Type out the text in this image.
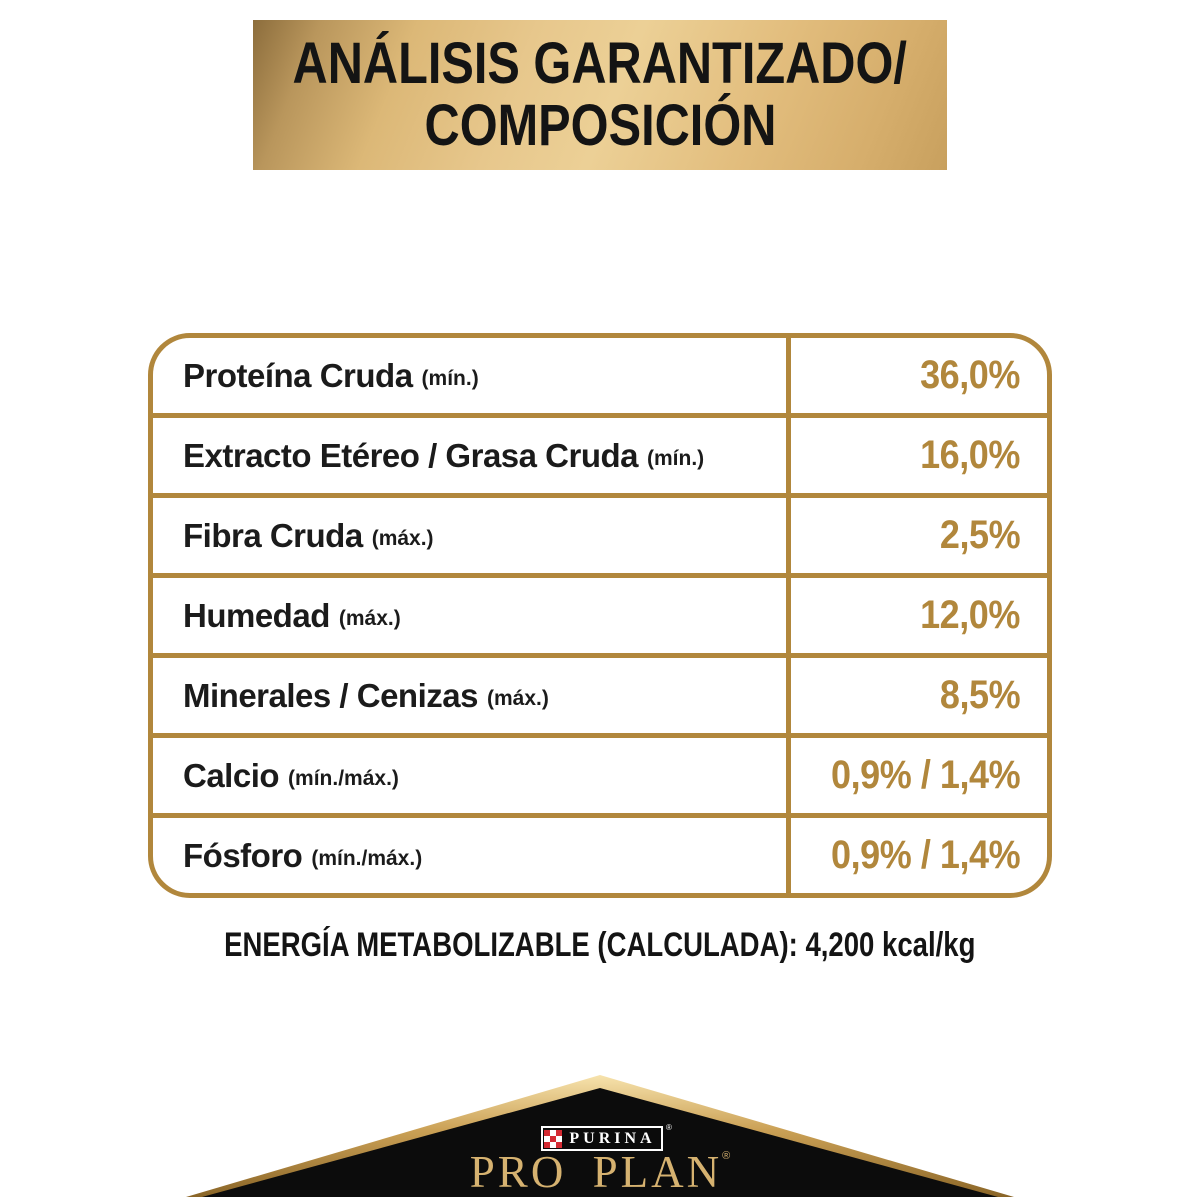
ANÁLISIS GARANTIZADO/
COMPOSICIÓN
Proteína Cruda (mín.)	36,0%
Extracto Etéreo / Grasa Cruda (mín.)	16,0%
Fibra Cruda (máx.)	2,5%
Humedad (máx.)	12,0%
Minerales / Cenizas (máx.)	8,5%
Calcio (mín./máx.)	0,9% / 1,4%
Fósforo (mín./máx.)	0,9% / 1,4%
ENERGÍA METABOLIZABLE (CALCULADA): 4,200 kcal/kg
PURINA
®
PRO PLAN®
